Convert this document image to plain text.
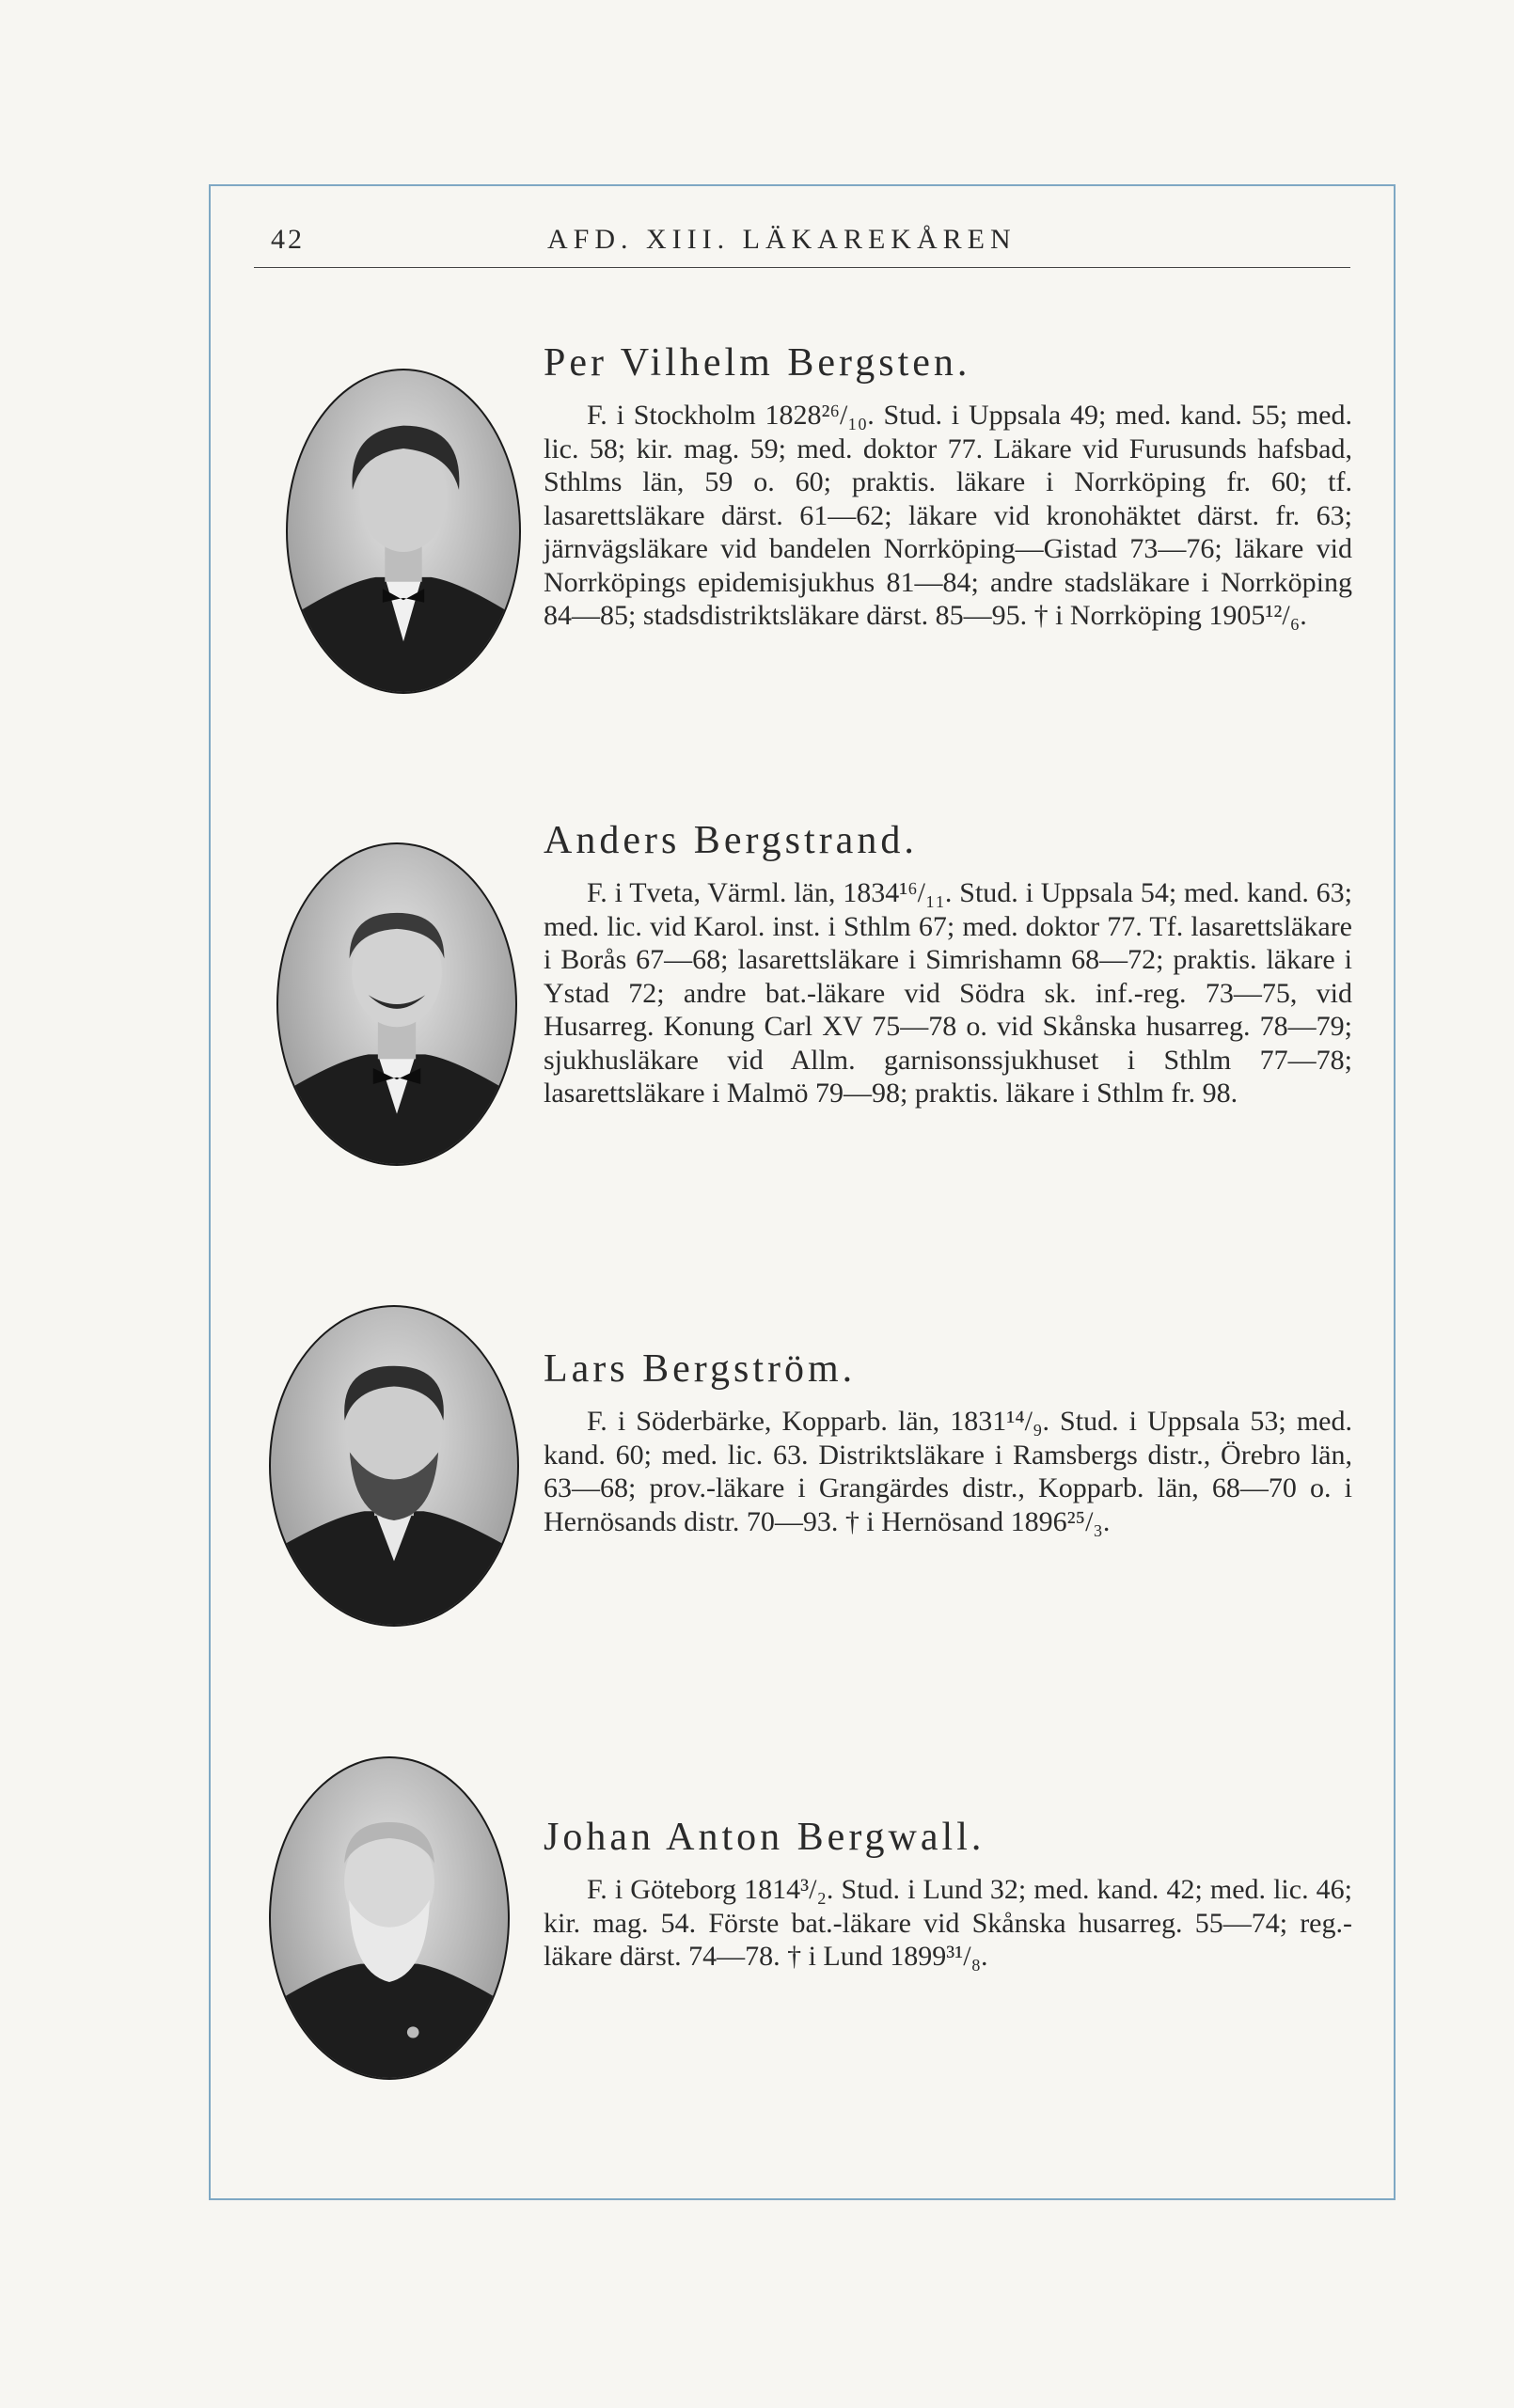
42	AFD. XIII. LÄKAREKÅREN
Per Vilhelm Bergsten.

F. i Stockholm 1828²⁶/₁₀. Stud. i Uppsala 49; med. kand. 55; med. lic. 58; kir. mag. 59; med. doktor 77. Läkare vid Furusunds hafsbad, Sthlms län, 59 o. 60; praktis. läkare i Norrköping fr. 60; tf. lasarettsläkare därst. 61—62; läkare vid kronohäktet därst. fr. 63; järnvägsläkare vid bandelen Norrköping—Gistad 73—76; läkare vid Norrköpings epidemisjukhus 81—84; andre stadsläkare i Norrköping 84—85; stadsdistriktsläkare därst. 85—95. † i Norrköping 1905¹²/₆.

Anders Bergstrand.

F. i Tveta, Värml. län, 1834¹⁶/₁₁. Stud. i Uppsala 54; med. kand. 63; med. lic. vid Karol. inst. i Sthlm 67; med. doktor 77. Tf. lasarettsläkare i Borås 67—68; lasarettsläkare i Simrishamn 68—72; praktis. läkare i Ystad 72; andre bat.-läkare vid Södra sk. inf.-reg. 73—75, vid Husarreg. Konung Carl XV 75—78 o. vid Skånska husarreg. 78—79; sjukhusläkare vid Allm. garnisonssjukhuset i Sthlm 77—78; lasarettsläkare i Malmö 79—98; praktis. läkare i Sthlm fr. 98.

Lars Bergström.

F. i Söderbärke, Kopparb. län, 1831¹⁴/₉. Stud. i Uppsala 53; med. kand. 60; med. lic. 63. Distriktsläkare i Ramsbergs distr., Örebro län, 63—68; prov.-läkare i Grangärdes distr., Kopparb. län, 68—70 o. i Hernösands distr. 70—93. † i Hernösand 1896²⁵/₃.

Johan Anton Bergwall.

F. i Göteborg 1814³/₂. Stud. i Lund 32; med. kand. 42; med. lic. 46; kir. mag. 54. Förste bat.-läkare vid Skånska husarreg. 55—74; reg.-läkare därst. 74—78. † i Lund 1899³¹/₈.
